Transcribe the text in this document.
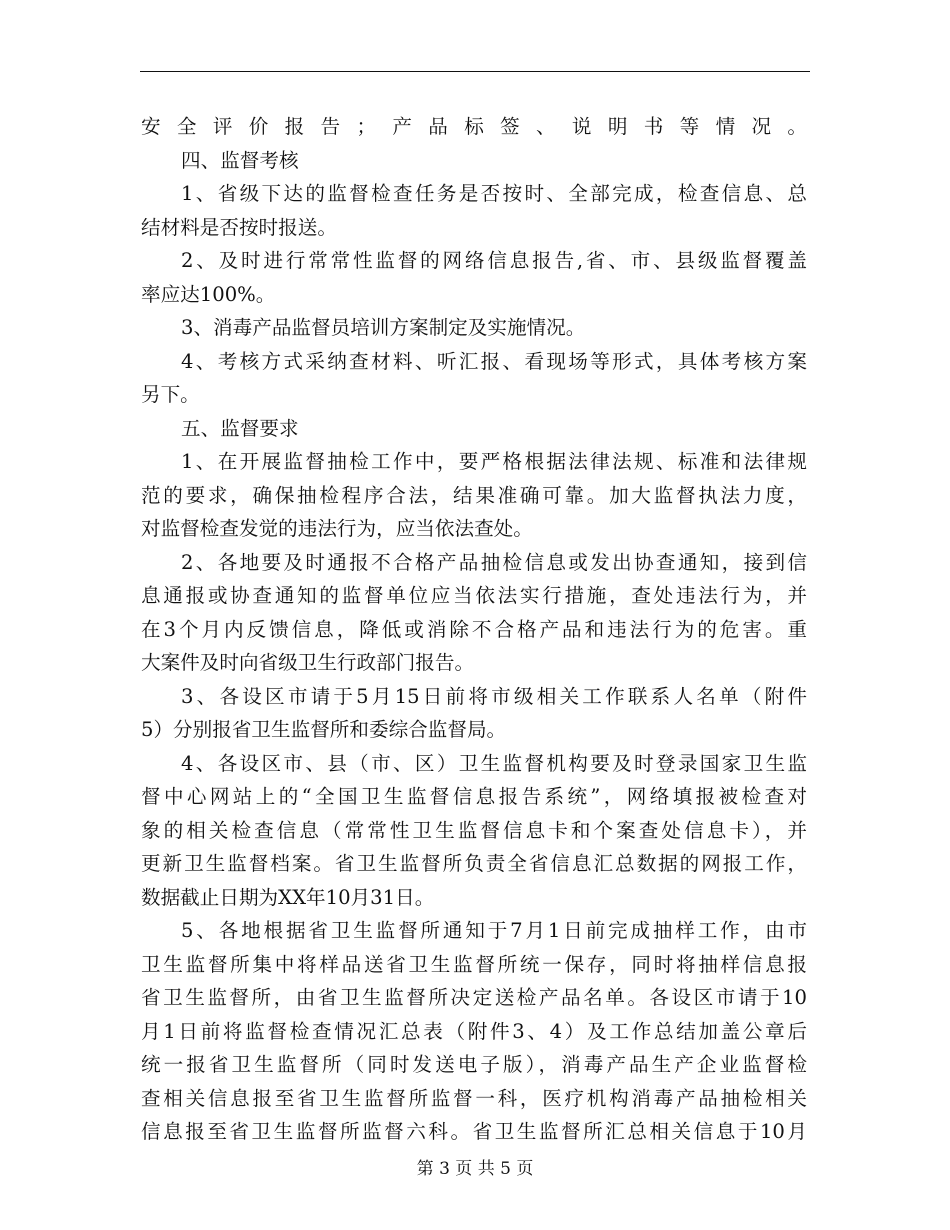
安全评价报告；产品标签、说明书等情况。
四、监督考核
1、省级下达的监督检查任务是否按时、全部完成，检查信息、总
结材料是否按时报送。
2、及时进行常常性监督的网络信息报告,省、市、县级监督覆盖
率应达100%。
3、消毒产品监督员培训方案制定及实施情况。
4、考核方式采纳查材料、听汇报、看现场等形式，具体考核方案
另下。
五、监督要求
1、在开展监督抽检工作中，要严格根据法律法规、标准和法律规
范的要求，确保抽检程序合法，结果准确可靠。加大监督执法力度，
对监督检查发觉的违法行为，应当依法查处。
2、各地要及时通报不合格产品抽检信息或发出协查通知，接到信
息通报或协查通知的监督单位应当依法实行措施，查处违法行为，并
在3个月内反馈信息，降低或消除不合格产品和违法行为的危害。重
大案件及时向省级卫生行政部门报告。
3、各设区市请于5月15日前将市级相关工作联系人名单（附件
5）分别报省卫生监督所和委综合监督局。
4、各设区市、县（市、区）卫生监督机构要及时登录国家卫生监
督中心网站上的“全国卫生监督信息报告系统”，网络填报被检查对
象的相关检查信息（常常性卫生监督信息卡和个案查处信息卡），并
更新卫生监督档案。省卫生监督所负责全省信息汇总数据的网报工作，
数据截止日期为XX年10月31日。
5、各地根据省卫生监督所通知于7月1日前完成抽样工作，由市
卫生监督所集中将样品送省卫生监督所统一保存，同时将抽样信息报
省卫生监督所，由省卫生监督所决定送检产品名单。各设区市请于10
月1日前将监督检查情况汇总表（附件3、4）及工作总结加盖公章后
统一报省卫生监督所（同时发送电子版），消毒产品生产企业监督检
查相关信息报至省卫生监督所监督一科，医疗机构消毒产品抽检相关
信息报至省卫生监督所监督六科。省卫生监督所汇总相关信息于10月
第 3 页 共 5 页
